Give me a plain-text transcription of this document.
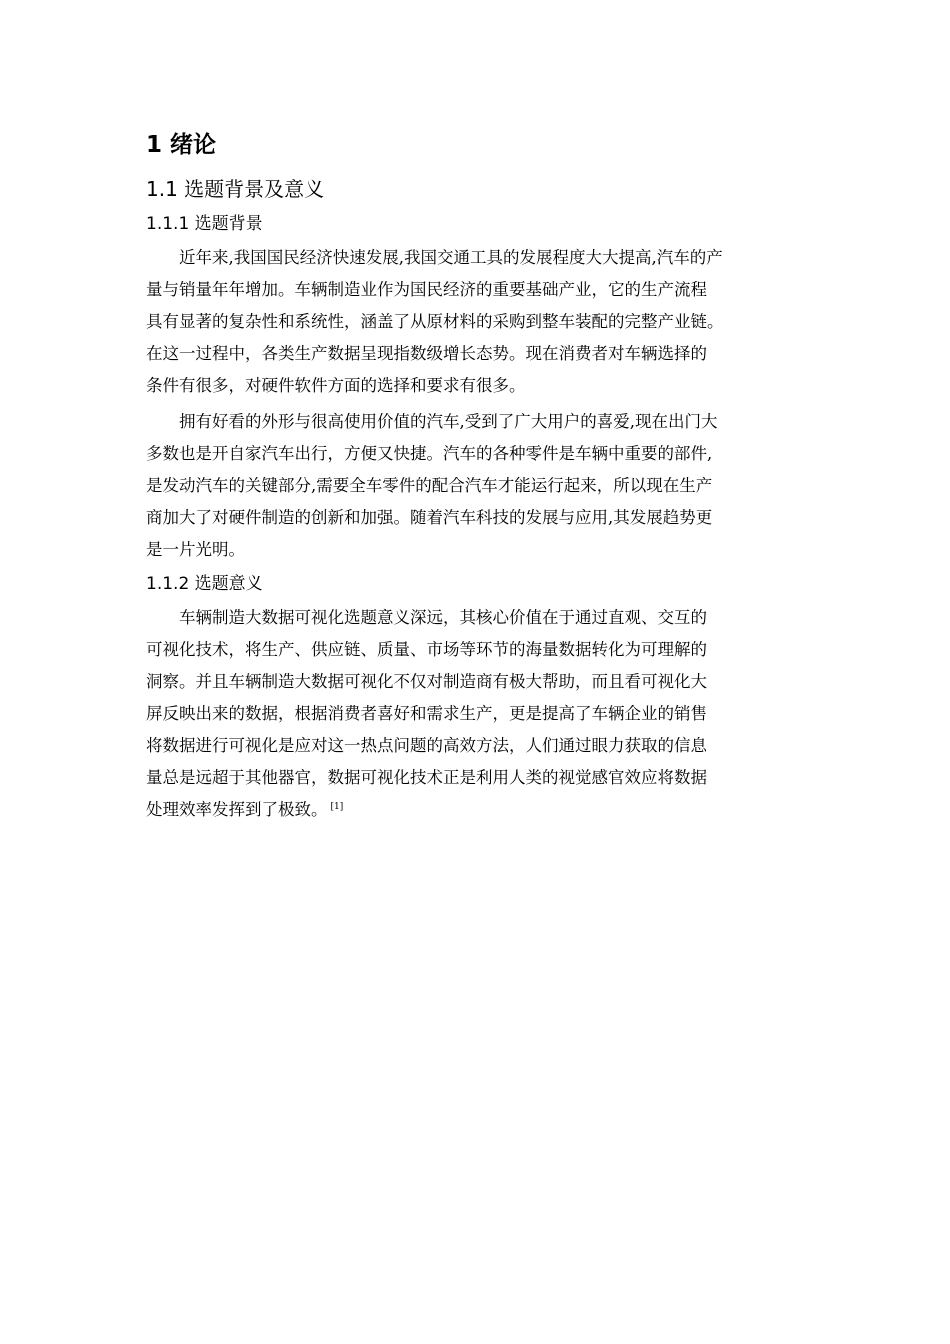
1 绪论
1.1 选题背景及意义
1.1.1 选题背景
近年来,我国国民经济快速发展,我国交通工具的发展程度大大提高,汽车的产
量与销量年年增加。车辆制造业作为国民经济的重要基础产业，它的生产流程
具有显著的复杂性和系统性，涵盖了从原材料的采购到整车装配的完整产业链。
在这一过程中，各类生产数据呈现指数级增长态势。现在消费者对车辆选择的
条件有很多，对硬件软件方面的选择和要求有很多。
拥有好看的外形与很高使用价值的汽车,受到了广大用户的喜爱,现在出门大
多数也是开自家汽车出行，方便又快捷。汽车的各种零件是车辆中重要的部件,
是发动汽车的关键部分,需要全车零件的配合汽车才能运行起来，所以现在生产
商加大了对硬件制造的创新和加强。随着汽车科技的发展与应用,其发展趋势更
是一片光明。
1.1.2 选题意义
车辆制造大数据可视化选题意义深远，其核心价值在于通过直观、交互的
可视化技术，将生产、供应链、质量、市场等环节的海量数据转化为可理解的
洞察。并且车辆制造大数据可视化不仅对制造商有极大帮助，而且看可视化大
屏反映出来的数据，根据消费者喜好和需求生产，更是提高了车辆企业的销售
将数据进行可视化是应对这一热点问题的高效方法，人们通过眼力获取的信息
量总是远超于其他器官，数据可视化技术正是利用人类的视觉感官效应将数据
处理效率发挥到了极致。 [1]
